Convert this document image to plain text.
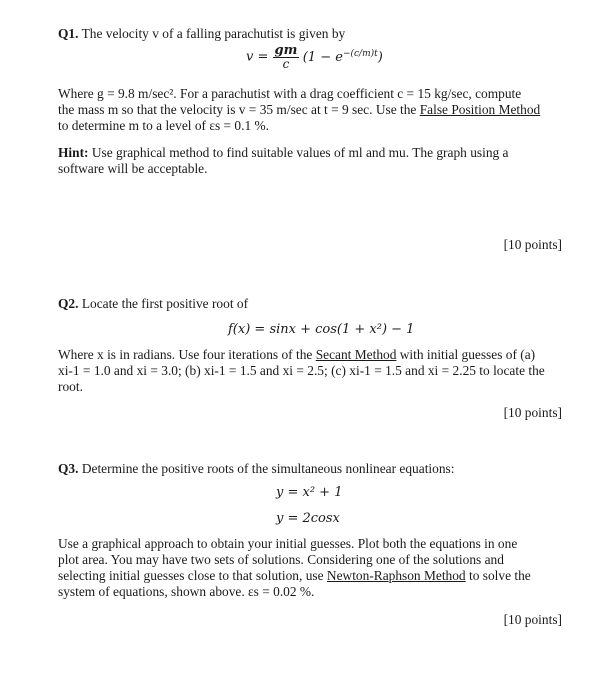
Q1. The velocity v of a falling parachutist is given by
$v = \frac{gm}{c} (1 - e^{-(c/m)t})$
Where g = 9.8 m/sec². For a parachutist with a drag coefficient c = 15 kg/sec, compute
the mass m so that the velocity is v = 35 m/sec at t = 9 sec. Use the False Position Method
to determine m to a level of εs = 0.1 %.
Hint: Use graphical method to find suitable values of ml and mu. The graph using a
software will be acceptable.
[10 points]
Q2. Locate the first positive root of
f(x) = sinx + cos(1 + x²) − 1
Where x is in radians. Use four iterations of the Secant Method with initial guesses of (a)
xi-1 = 1.0 and xi = 3.0; (b) xi-1 = 1.5 and xi = 2.5; (c) xi-1 = 1.5 and xi = 2.25 to locate the
root.
[10 points]
Q3. Determine the positive roots of the simultaneous nonlinear equations:
y = x² + 1
y = 2cosx
Use a graphical approach to obtain your initial guesses. Plot both the equations in one
plot area. You may have two sets of solutions. Considering one of the solutions and
selecting initial guesses close to that solution, use Newton-Raphson Method to solve the
system of equations, shown above. εs = 0.02 %.
[10 points]
